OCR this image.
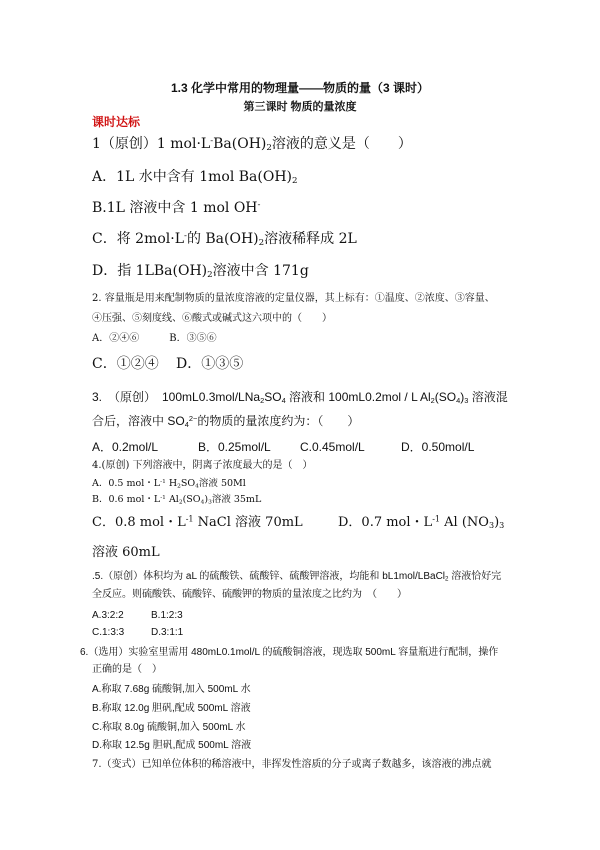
1.3 化学中常用的物理量——物质的量（3 课时）
第三课时 物质的量浓度
课时达标
1（原创）1 $mol\cdot L^-Ba(OH)_2$溶液的意义是（　　）
A．1L 水中含有 1mol $Ba(OH)_2$
B.1L 溶液中含 1 mol OH-
C．将 2mol·L-的 $Ba(OH)_2$溶液稀释成 2L
D．指 $1LBa(OH)_2$溶液中含 171g
2. 容量瓶是用来配制物质的量浓度溶液的定量仪器，其上标有：①温度、②浓度、③容量、
④压强、⑤刻度线、⑥酸式或碱式这六项中的（　　）
A．②④⑥　　　B．③⑤⑥
C．①②④ D．①③⑤
3.　（原创）　$100mL0.3mol/LNa_2SO_4$ 溶液和 100mL0.2mol / L $Al_2(SO_4)_3$ 溶液混
合后，溶液中 $SO_4^{2-}$的物质的量浓度约为：（　　）
A．0.2mol/L	B．0.25mol/L C.0.45mol/L	D．0.50mol/L
4.(原创) 下列溶液中，阴离子浓度最大的是（　）
A．0.5 mol・$L^{-1}$ $H_2SO_4$溶液 50Ml
B．0.6 mol・$L^{-1}$ $Al_2(SO_4)_3$溶液 35mL
C．0.8 mol・$L^{-1}$ NaCl 溶液 70mL	D．0.7 mol・$L^{-1}$ Al $(NO_3)_3$
溶液 60mL
.5.（原创）体积均为 aL 的硫酸铁、硫酸锌、硫酸钾溶液，均能和 bL1mol/LBaCl$_2$ 溶液恰好完
全反应。则硫酸铁、硫酸锌、硫酸钾的物质的量浓度之比约为　（　　）
A.3:2:2	B.1:2:3
C.1:3:3	D.3:1:1
6.（选用）实验室里需用 480mL0.1mol/L 的硫酸铜溶液，现选取 500mL 容量瓶进行配制，操作
正确的是（　）
A.称取 7.68g 硫酸铜,加入 500mL 水
B.称取 12.0g 胆矾,配成 500mL 溶液
C.称取 8.0g 硫酸铜,加入 500mL 水
D.称取 12.5g 胆矾,配成 500mL 溶液
7.（变式）已知单位体积的稀溶液中，非挥发性溶质的分子或离子数越多，该溶液的沸点就
